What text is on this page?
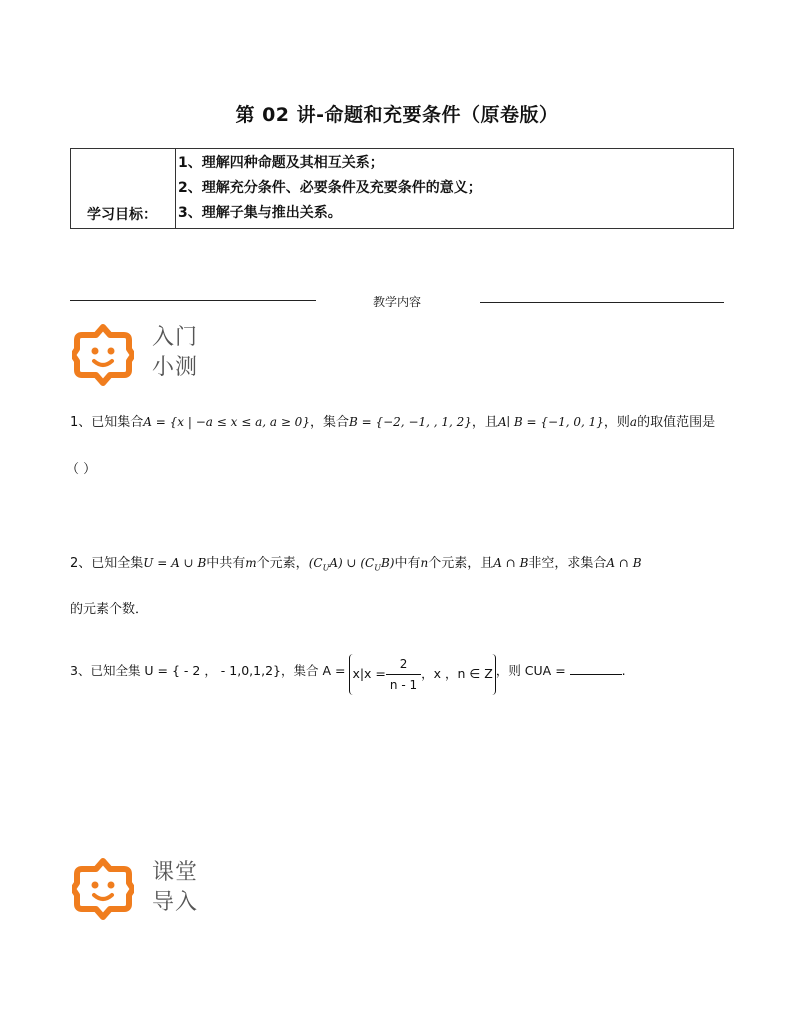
第 02 讲-命题和充要条件（原卷版）
学习目标：	
1、理解四种命题及其相互关系；
2、理解充分条件、必要条件及充要条件的意义；
3、理解子集与推出关系。
教学内容
入门
小测
1、已知集合A = {x | −a ≤ x ≤ a, a ≥ 0}，集合B = {−2, −1, , 1, 2}，且A∣ B = {−1, 0, 1}，则a的取值范围是
（ ）
2、已知全集U = A ∪ B中共有m个元素，$(C_UA)$ ∪ $(C_UB)$中有n个元素，且A ∩ B非空，求集合A ∩ B
的元素个数．
3、已知全集 U = { - 2 ， - 1,0,1,2}，集合 $A = x|x = \frac{2}{n - 1}$ ，x ，n ∈ Z ，则 CUA =	.
课堂
导入
